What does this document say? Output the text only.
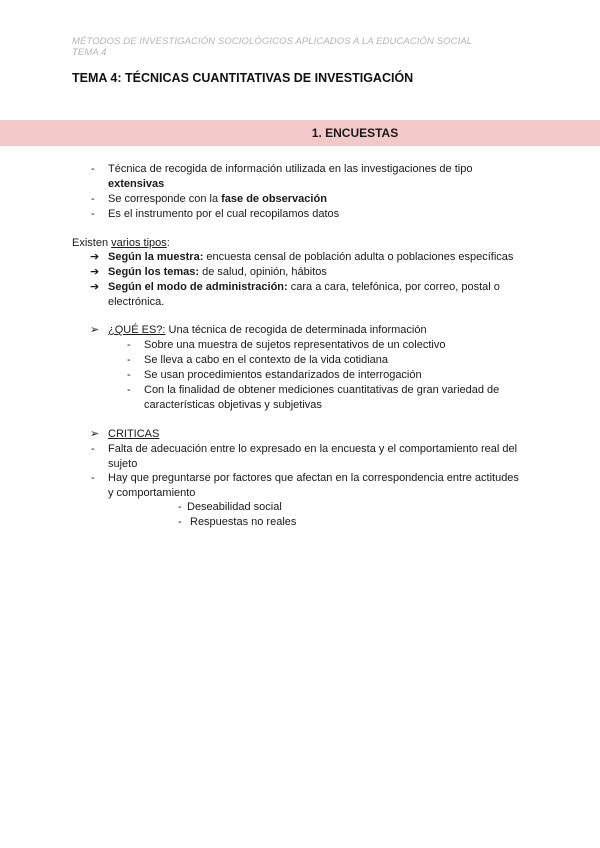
MÉTODOS DE INVESTIGACIÓN SOCIOLÓGICOS APLICADOS A LA EDUCACIÓN SOCIAL
TEMA 4
TEMA 4: TÉCNICAS CUANTITATIVAS DE INVESTIGACIÓN
1. ENCUESTAS
- Técnica de recogida de información utilizada en las investigaciones de tipo
extensivas
- Se corresponde con la fase de observación
- Es el instrumento por el cual recopilamos datos
Existen varios tipos:
➔ Según la muestra: encuesta censal de población adulta o poblaciones específicas
➔ Según los temas: de salud, opinión, hábitos
➔ Según el modo de administración: cara a cara, telefónica, por correo, postal o
electrónica.
➢ ¿QUÉ ES?: Una técnica de recogida de determinada información
- Sobre una muestra de sujetos representativos de un colectivo
- Se lleva a cabo en el contexto de la vida cotidiana
- Se usan procedimientos estandarizados de interrogación
- Con la finalidad de obtener mediciones cuantitativas de gran variedad de
características objetivas y subjetivas
➢ CRITICAS
- Falta de adecuación entre lo expresado en la encuesta y el comportamiento real del
sujeto
- Hay que preguntarse por factores que afectan en la correspondencia entre actitudes
y comportamiento
- Deseabilidad social
- Respuestas no reales
